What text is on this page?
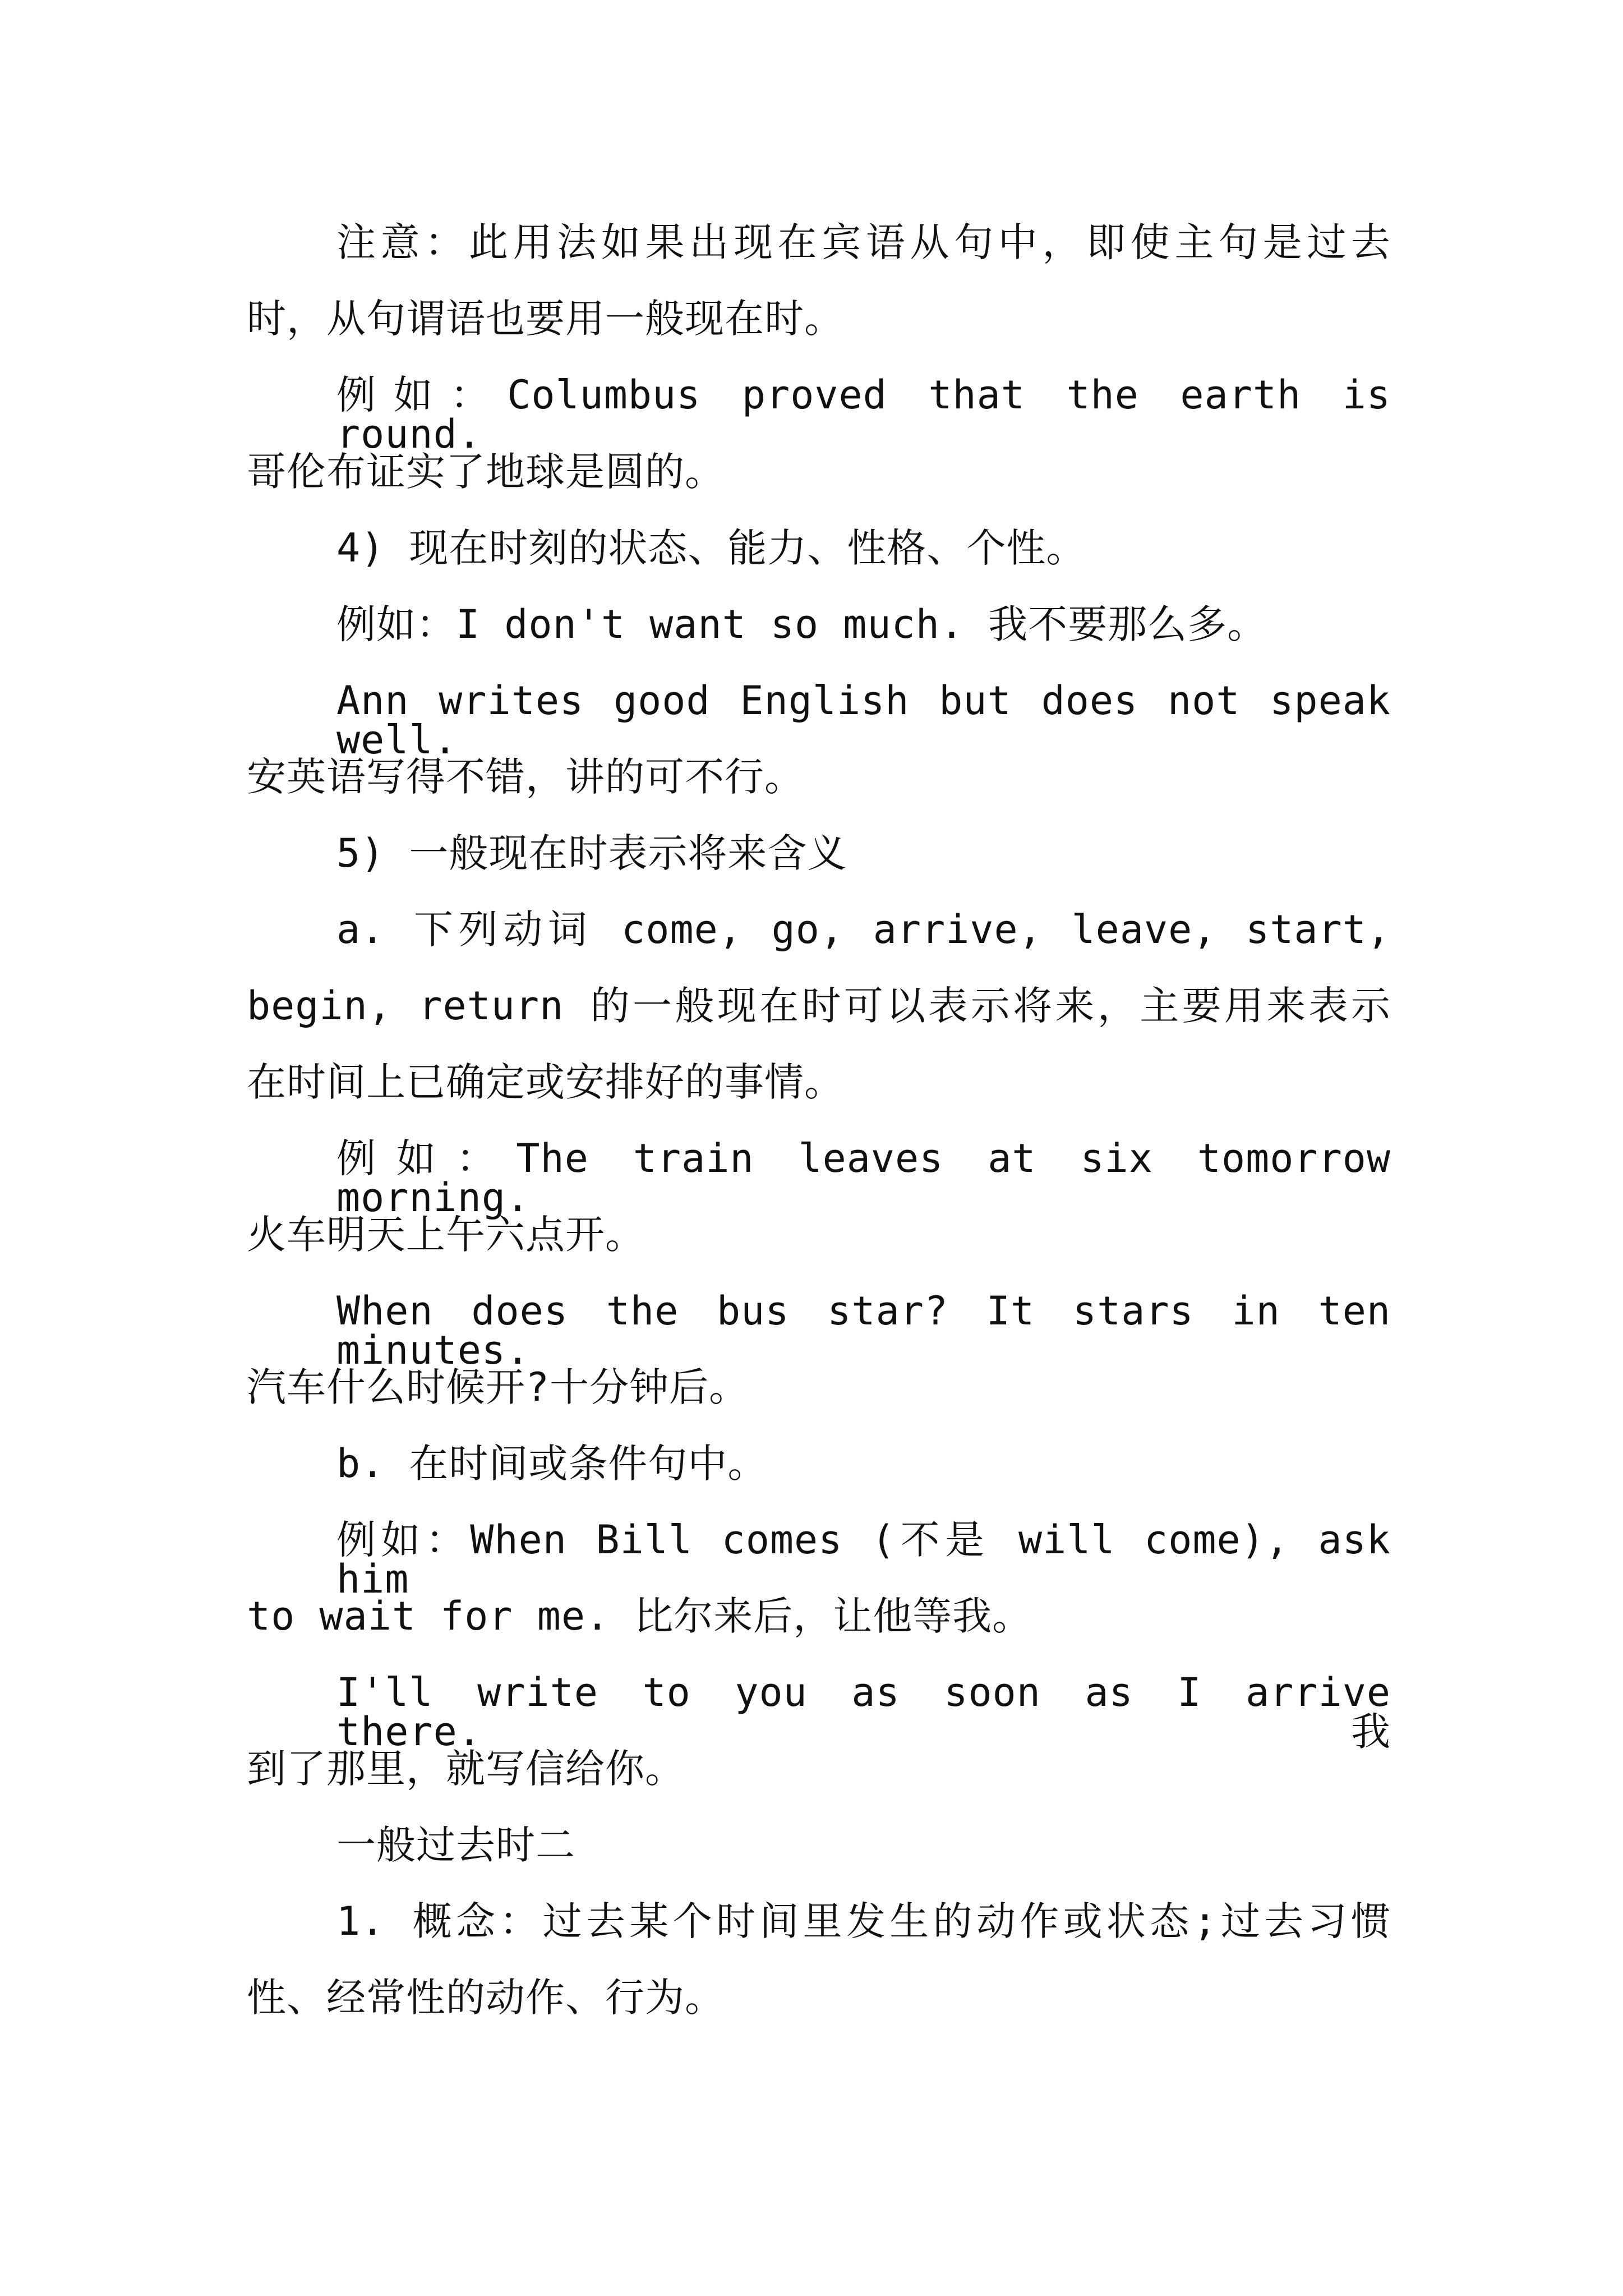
注意：此用法如果出现在宾语从句中，即使主句是过去
时，从句谓语也要用一般现在时。
例如：Columbus proved that the earth is round.
哥伦布证实了地球是圆的。
4) 现在时刻的状态、能力、性格、个性。
例如：I don't want so much. 我不要那么多。
Ann writes good English but does not speak well.
安英语写得不错，讲的可不行。
5) 一般现在时表示将来含义
a. 下列动词 come, go, arrive, leave, start,
begin, return 的一般现在时可以表示将来，主要用来表示
在时间上已确定或安排好的事情。
例如：The train leaves at six tomorrow morning.
火车明天上午六点开。
When does the bus star? It stars in ten minutes.
汽车什么时候开?十分钟后。
b. 在时间或条件句中。
例如：When Bill comes (不是 will come), ask him
to wait for me. 比尔来后，让他等我。
I'll write to you as soon as I arrive there. 我
到了那里，就写信给你。
一般过去时二
1. 概念：过去某个时间里发生的动作或状态;过去习惯
性、经常性的动作、行为。
